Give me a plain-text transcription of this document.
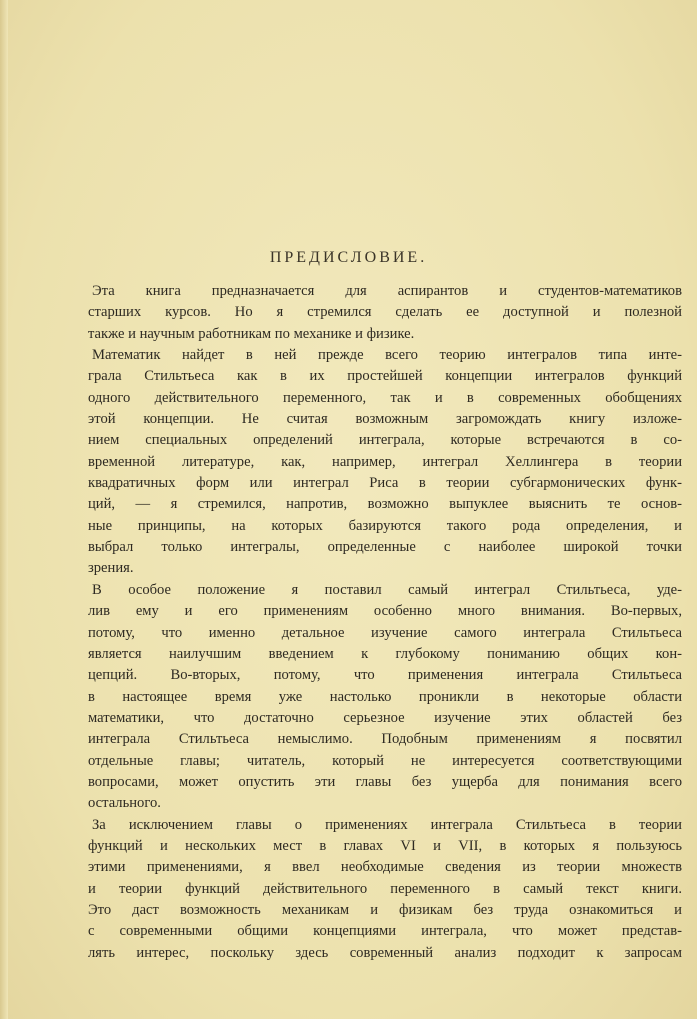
ПРЕДИСЛОВИЕ.
Эта книга предназначается для аспирантов и студентов-математиков
старших курсов. Но я стремился сделать ее доступной и полезной
также и научным работникам по механике и физике.
Математик найдет в ней прежде всего теорию интегралов типа инте-
грала Стильтьеса как в их простейшей концепции интегралов функций
одного действительного переменного, так и в современных обобщениях
этой концепции. Не считая возможным загромождать книгу изложе-
нием специальных определений интеграла, которые встречаются в со-
временной литературе, как, например, интеграл Хеллингера в теории
квадратичных форм или интеграл Риса в теории субгармонических функ-
ций, — я стремился, напротив, возможно выпуклее выяснить те основ-
ные принципы, на которых базируются такого рода определения, и
выбрал только интегралы, определенные с наиболее широкой точки
зрения.
В особое положение я поставил самый интеграл Стильтьеса, уде-
лив ему и его применениям особенно много внимания. Во-первых,
потому, что именно детальное изучение самого интеграла Стильтьеса
является наилучшим введением к глубокому пониманию общих кон-
цепций. Во-вторых, потому, что применения интеграла Стильтьеса
в настоящее время уже настолько проникли в некоторые области
математики, что достаточно серьезное изучение этих областей без
интеграла Стильтьеса немыслимо. Подобным применениям я посвятил
отдельные главы; читатель, который не интересуется соответствующими
вопросами, может опустить эти главы без ущерба для понимания всего
остального.
За исключением главы о применениях интеграла Стильтьеса в теории
функций и нескольких мест в главах VI и VII, в которых я пользуюсь
этими применениями, я ввел необходимые сведения из теории множеств
и теории функций действительного переменного в самый текст книги.
Это даст возможность механикам и физикам без труда ознакомиться и
с современными общими концепциями интеграла, что может представ-
лять интерес, поскольку здесь современный анализ подходит к запросам
